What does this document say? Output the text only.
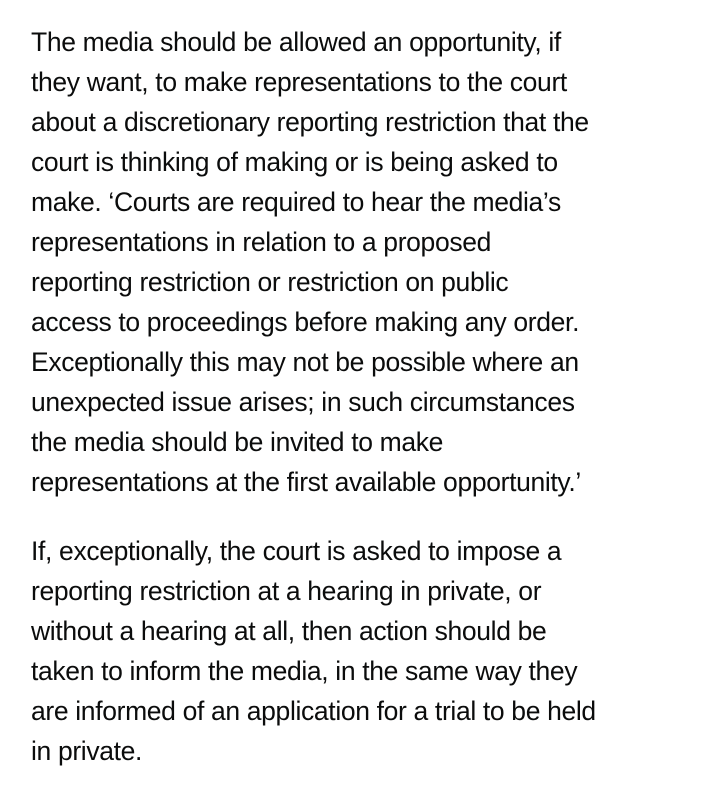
The media should be allowed an opportunity, if
they want, to make representations to the court
about a discretionary reporting restriction that the
court is thinking of making or is being asked to
make. ‘Courts are required to hear the media’s
representations in relation to a proposed
reporting restriction or restriction on public
access to proceedings before making any order.
Exceptionally this may not be possible where an
unexpected issue arises; in such circumstances
the media should be invited to make
representations at the first available opportunity.’

If, exceptionally, the court is asked to impose a
reporting restriction at a hearing in private, or
without a hearing at all, then action should be
taken to inform the media, in the same way they
are informed of an application for a trial to be held
in private.
